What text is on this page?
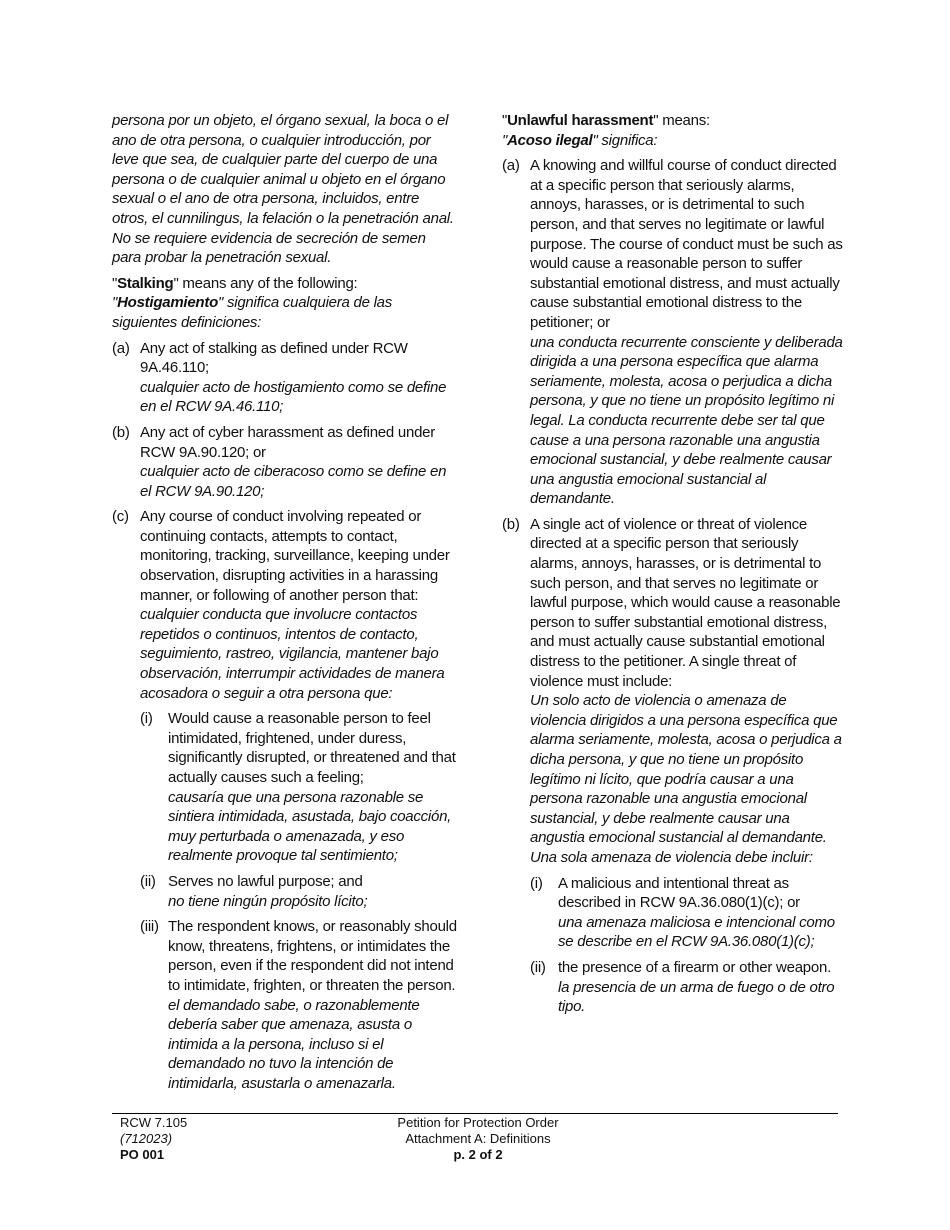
persona por un objeto, el órgano sexual, la boca o el ano de otra persona, o cualquier introducción, por leve que sea, de cualquier parte del cuerpo de una persona o de cualquier animal u objeto en el órgano sexual o el ano de otra persona, incluidos, entre otros, el cunnilingus, la felación o la penetración anal. No se requiere evidencia de secreción de semen para probar la penetración sexual.

"Stalking" means any of the following:
"Hostigamiento" significa cualquiera de las siguientes definiciones:
(a) Any act of stalking as defined under RCW 9A.46.110;
cualquier acto de hostigamiento como se define en el RCW 9A.46.110;
(b) Any act of cyber harassment as defined under RCW 9A.90.120; or
cualquier acto de ciberacoso como se define en el RCW 9A.90.120;
(c) Any course of conduct involving repeated or continuing contacts, attempts to contact, monitoring, tracking, surveillance, keeping under observation, disrupting activities in a harassing manner, or following of another person that:
cualquier conducta que involucre contactos repetidos o continuos, intentos de contacto, seguimiento, rastreo, vigilancia, mantener bajo observación, interrumpir actividades de manera acosadora o seguir a otra persona que:
(i) Would cause a reasonable person to feel intimidated, frightened, under duress, significantly disrupted, or threatened and that actually causes such a feeling;
causaría que una persona razonable se sintiera intimidada, asustada, bajo coacción, muy perturbada o amenazada, y eso realmente provoque tal sentimiento;
(ii) Serves no lawful purpose; and
no tiene ningún propósito lícito;
(iii) The respondent knows, or reasonably should know, threatens, frightens, or intimidates the person, even if the respondent did not intend to intimidate, frighten, or threaten the person.
el demandado sabe, o razonablemente debería saber que amenaza, asusta o intimida a la persona, incluso si el demandado no tuvo la intención de intimidarla, asustarla o amenazarla.
"Unlawful harassment" means:
"Acoso ilegal" significa:
(a) A knowing and willful course of conduct directed at a specific person that seriously alarms, annoys, harasses, or is detrimental to such person, and that serves no legitimate or lawful purpose. The course of conduct must be such as would cause a reasonable person to suffer substantial emotional distress, and must actually cause substantial emotional distress to the petitioner; or
una conducta recurrente consciente y deliberada dirigida a una persona específica que alarma seriamente, molesta, acosa o perjudica a dicha persona, y que no tiene un propósito legítimo ni legal. La conducta recurrente debe ser tal que cause a una persona razonable una angustia emocional sustancial, y debe realmente causar una angustia emocional sustancial al demandante.
(b) A single act of violence or threat of violence directed at a specific person that seriously alarms, annoys, harasses, or is detrimental to such person, and that serves no legitimate or lawful purpose, which would cause a reasonable person to suffer substantial emotional distress, and must actually cause substantial emotional distress to the petitioner. A single threat of violence must include:
Un solo acto de violencia o amenaza de violencia dirigidos a una persona específica que alarma seriamente, molesta, acosa o perjudica a dicha persona, y que no tiene un propósito legítimo ni lícito, que podría causar a una persona razonable una angustia emocional sustancial, y debe realmente causar una angustia emocional sustancial al demandante. Una sola amenaza de violencia debe incluir:
(i) A malicious and intentional threat as described in RCW 9A.36.080(1)(c); or
una amenaza maliciosa e intencional como se describe en el RCW 9A.36.080(1)(c);
(ii) the presence of a firearm or other weapon.
la presencia de un arma de fuego o de otro tipo.
RCW 7.105
(712023)
PO 001
Petition for Protection Order
Attachment A: Definitions
p. 2 of 2
